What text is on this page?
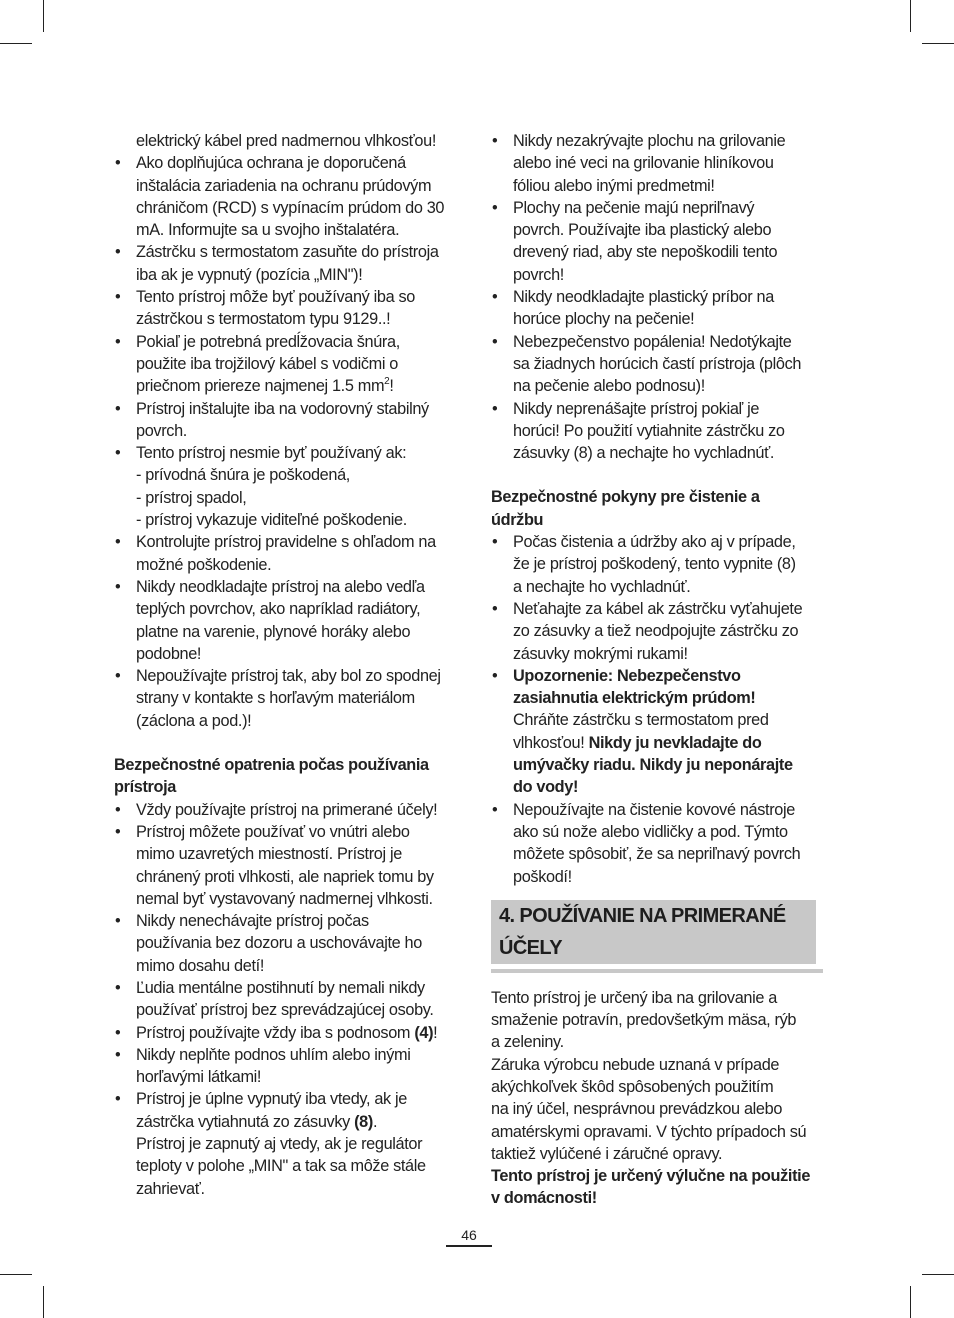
elektrický kábel pred nadmernou vlhkosťou!

• Ako doplňujúca ochrana je doporučená
inštalácia zariadenia na ochranu prúdovým
chráničom (RCD) s vypínacím prúdom do 30
mA. Informujte sa u svojho inštalatéra.
• Zástrčku s termostatom zasuňte do prístroja
iba ak je vypnutý (pozícia „MIN")!
• Tento prístroj môže byť používaný iba so
zástrčkou s termostatom typu 9129..!
• Pokiaľ je potrebná predĺžovacia šnúra,
použite iba trojžilový kábel s vodičmi o
priečnom priereze najmenej 1.5 $mm^2$!
• Prístroj inštalujte iba na vodorovný stabilný
povrch.
• Tento prístroj nesmie byť používaný ak:
- prívodná šnúra je poškodená,
- prístroj spadol,
- prístroj vykazuje viditeľné poškodenie.
• Kontrolujte prístroj pravidelne s ohľadom na
možné poškodenie.
• Nikdy neodkladajte prístroj na alebo vedľa
teplých povrchov, ako napríklad radiátory,
platne na varenie, plynové horáky alebo
podobne!
• Nepoužívajte prístroj tak, aby bol zo spodnej
strany v kontakte s horľavým materiálom
(záclona a pod.)!
Bezpečnostné opatrenia počas používania
prístroja
• Vždy používajte prístroj na primerané účely!
• Prístroj môžete používať vo vnútri alebo
mimo uzavretých miestností. Prístroj je
chránený proti vlhkosti, ale napriek tomu by
nemal byť vystavovaný nadmernej vlhkosti.
• Nikdy nenechávajte prístroj počas
používania bez dozoru a uschovávajte ho
mimo dosahu detí!
• Ľudia mentálne postihnutí by nemali nikdy
používať prístroj bez sprevádzajúcej osoby.
• Prístroj používajte vždy iba s podnosom (4)!
• Nikdy neplňte podnos uhlím alebo inými
horľavými látkami!
• Prístroj je úplne vypnutý iba vtedy, ak je
zástrčka vytiahnutá zo zásuvky (8).
Prístroj je zapnutý aj vtedy, ak je regulátor
teploty v polohe „MIN" a tak sa môže stále
zahrievať.
• Nikdy nezakrývajte plochu na grilovanie
alebo iné veci na grilovanie hliníkovou
fóliou alebo inými predmetmi!
• Plochy na pečenie majú nepriľnavý
povrch. Používajte iba plastický alebo
drevený riad, aby ste nepoškodili tento
povrch!
• Nikdy neodkladajte plastický príbor na
horúce plochy na pečenie!
• Nebezpečenstvo popálenia! Nedotýkajte
sa žiadnych horúcich častí prístroja (plôch
na pečenie alebo podnosu)!
• Nikdy neprenášajte prístroj pokiaľ je
horúci! Po použití vytiahnite zástrčku zo
zásuvky (8) a nechajte ho vychladnúť.
Bezpečnostné pokyny pre čistenie a
údržbu
• Počas čistenia a údržby ako aj v prípade,
že je prístroj poškodený, tento vypnite (8)
a nechajte ho vychladnúť.
• Neťahajte za kábel ak zástrčku vyťahujete
zo zásuvky a tiež neodpojujte zástrčku zo
zásuvky mokrými rukami!
• Upozornenie: Nebezpečenstvo
zasiahnutia elektrickým prúdom!
Chráňte zástrčku s termostatom pred
vlhkosťou! Nikdy ju nevkladajte do
umývačky riadu. Nikdy ju neponárajte
do vody!
• Nepoužívajte na čistenie kovové nástroje
ako sú nože alebo vidličky a pod. Týmto
môžete spôsobiť, že sa nepriľnavý povrch
poškodí!
4. POUŽÍVANIE NA PRIMERANÉ ÚČELY

Tento prístroj je určený iba na grilovanie a
smaženie potravín, predovšetkým mäsa, rýb
a zeleniny.

Záruka výrobcu nebude uznaná v prípade
akýchkoľvek škôd spôsobených použitím
na iný účel, nesprávnou prevádzkou alebo
amatérskymi opravami. V týchto prípadoch sú
taktiež vylúčené i záručné opravy.

Tento prístroj je určený výlučne na použitie
v domácnosti!

46
